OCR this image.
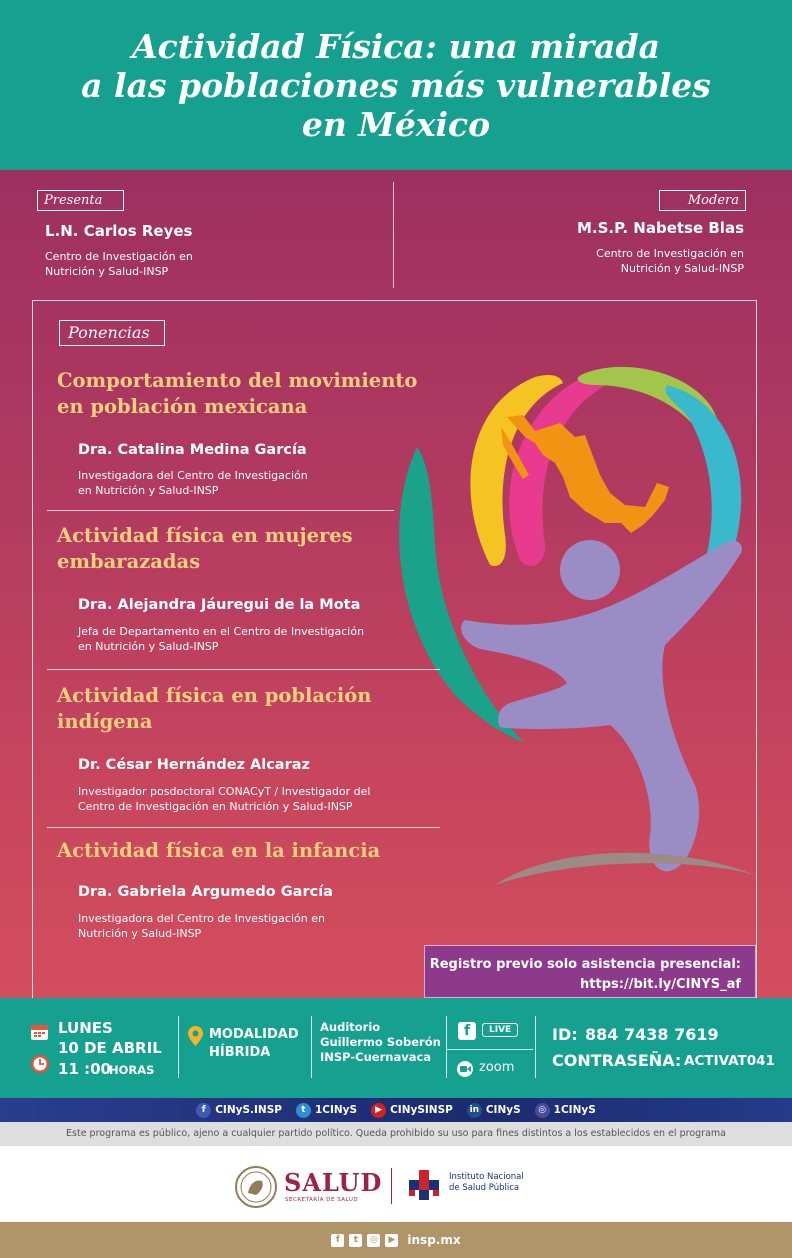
Actividad Física: una mirada
a las poblaciones más vulnerables
en México
Presenta
L.N. Carlos Reyes
Centro de Investigación en
Nutrición y Salud-INSP
Modera
M.S.P. Nabetse Blas
Centro de Investigación en
Nutrición y Salud-INSP
Ponencias
Comportamiento del movimiento
en población mexicana
Dra. Catalina Medina García
Investigadora del Centro de Investigación
en Nutrición y Salud-INSP
Actividad física en mujeres
embarazadas
Dra. Alejandra Jáuregui de la Mota
Jefa de Departamento en el Centro de Investigación
en Nutrición y Salud-INSP
Actividad física en población
indígena
Dr. César Hernández Alcaraz
Investigador posdoctoral CONACyT / Investigador del
Centro de Investigación en Nutrición y Salud-INSP
Actividad física en la infancia
Dra. Gabriela Argumedo García
Investigadora del Centro de Investigación en
Nutrición y Salud-INSP
Registro previo solo asistencia presencial:
https://bit.ly/CINYS_af
LUNES
10 DE ABRIL
11 :00
HORAS
MODALIDAD
HÍBRIDA
Auditorio
Guillermo Soberón
INSP-Cuernavaca
f	LIVE
zoom
ID: 884 7438 7619
CONTRASEÑA: ACTIVAT041
f CINyS.INSP	t 1CINyS	▶ CINySINSP	in CINyS	◎ 1CINyS
Este programa es público, ajeno a cualquier partido político. Queda prohibido su uso para fines distintos a los establecidos en el programa
SALUD
SECRETARÍA DE SALUD
Instituto Nacional
de Salud Pública
f	t	◎	▶ insp.mx
